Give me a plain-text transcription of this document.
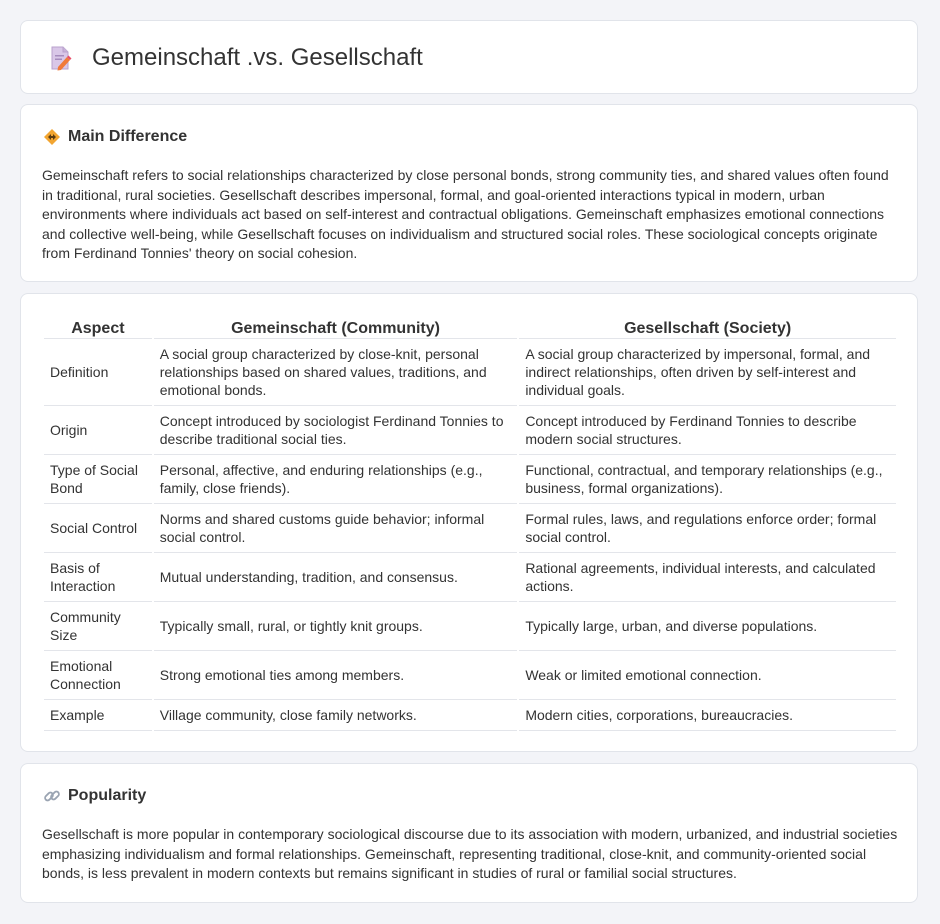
Gemeinschaft .vs. Gesellschaft
Main Difference

Gemeinschaft refers to social relationships characterized by close personal bonds, strong community ties, and shared values often found in traditional, rural societies. Gesellschaft describes impersonal, formal, and goal-oriented interactions typical in modern, urban environments where individuals act based on self-interest and contractual obligations. Gemeinschaft emphasizes emotional connections and collective well-being, while Gesellschaft focuses on individualism and structured social roles. These sociological concepts originate from Ferdinand Tonnies' theory on social cohesion.

Aspect	Gemeinschaft (Community)	Gesellschaft (Society)
Definition	A social group characterized by close-knit, personal relationships based on shared values, traditions, and emotional bonds.	A social group characterized by impersonal, formal, and indirect relationships, often driven by self-interest and individual goals.
Origin	Concept introduced by sociologist Ferdinand Tonnies to describe traditional social ties.	Concept introduced by Ferdinand Tonnies to describe modern social structures.
Type of Social Bond	Personal, affective, and enduring relationships (e.g., family, close friends).	Functional, contractual, and temporary relationships (e.g., business, formal organizations).
Social Control	Norms and shared customs guide behavior; informal social control.	Formal rules, laws, and regulations enforce order; formal social control.
Basis of Interaction	Mutual understanding, tradition, and consensus.	Rational agreements, individual interests, and calculated actions.
Community Size	Typically small, rural, or tightly knit groups.	Typically large, urban, and diverse populations.
Emotional Connection	Strong emotional ties among members.	Weak or limited emotional connection.
Example	Village community, close family networks.	Modern cities, corporations, bureaucracies.
Popularity

Gesellschaft is more popular in contemporary sociological discourse due to its association with modern, urbanized, and industrial societies emphasizing individualism and formal relationships. Gemeinschaft, representing traditional, close-knit, and community-oriented social bonds, is less prevalent in modern contexts but remains significant in studies of rural or familial social structures.
